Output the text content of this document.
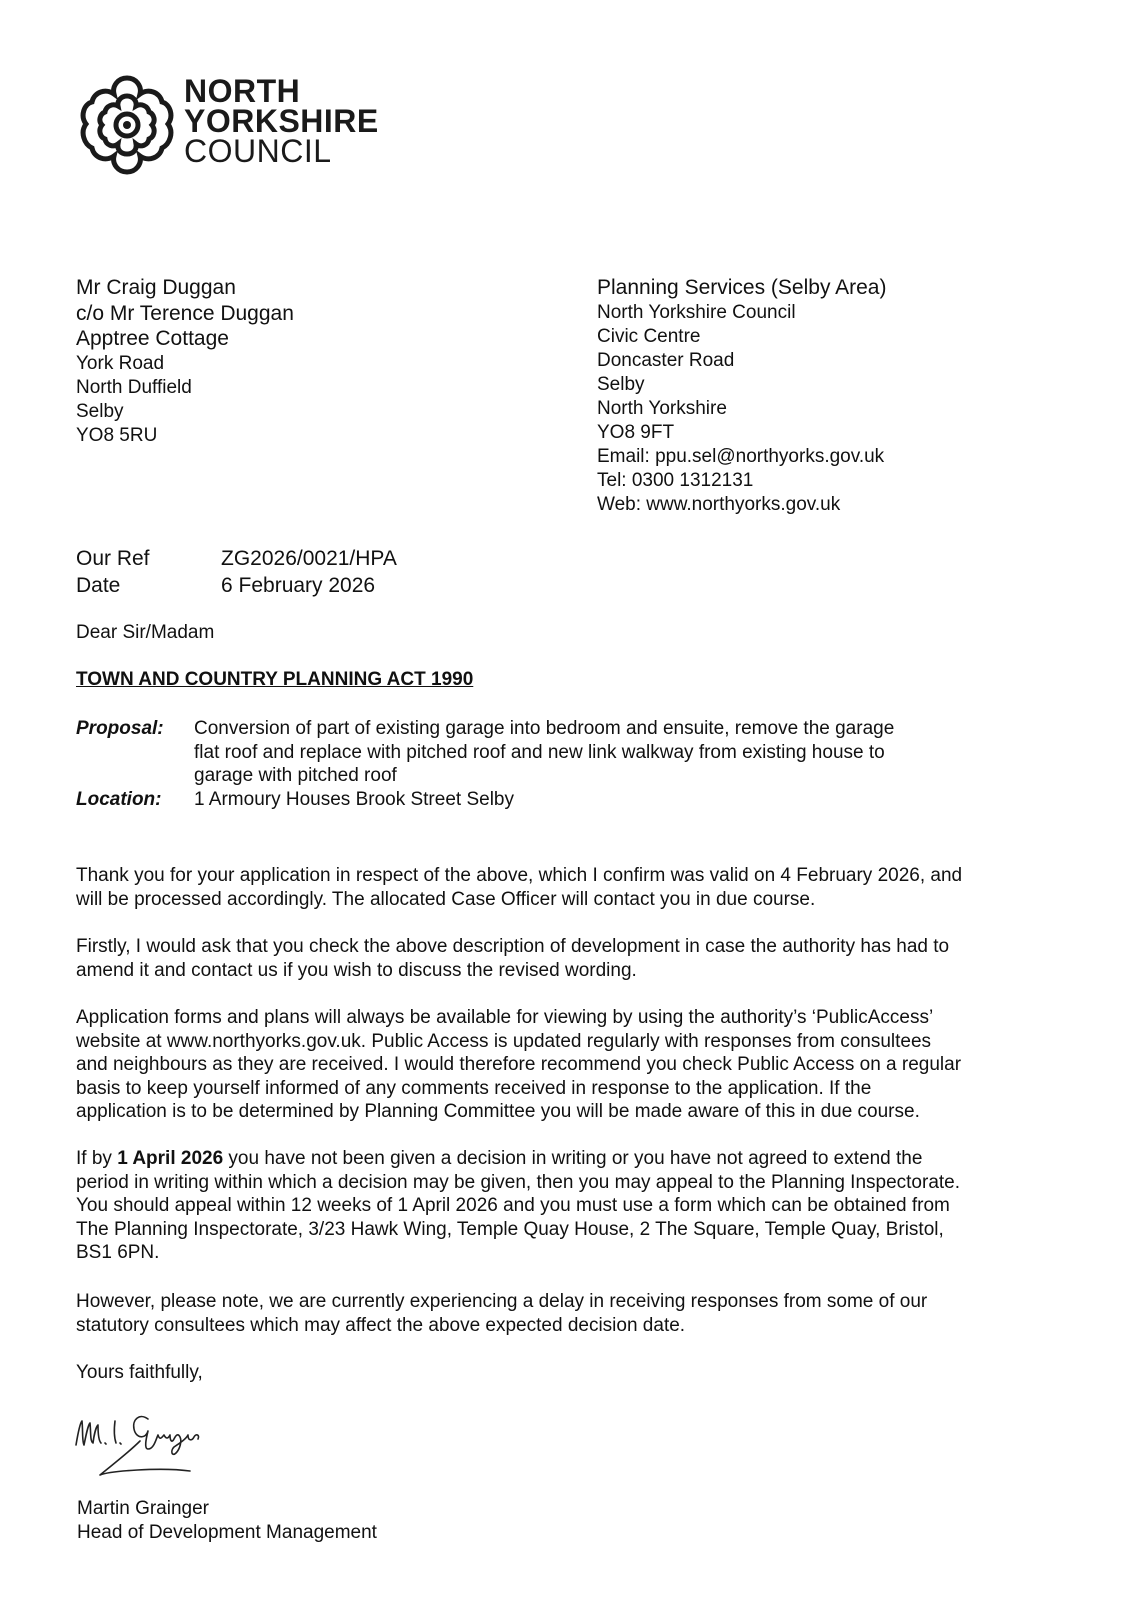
NORTH
YORKSHIRE
COUNCIL
Mr Craig Duggan
c/o Mr Terence Duggan
Apptree Cottage
York Road
North Duffield
Selby
YO8 5RU
Planning Services (Selby Area)
North Yorkshire Council
Civic Centre
Doncaster Road
Selby
North Yorkshire
YO8 9FT
Email: ppu.sel@northyorks.gov.uk
Tel: 0300 1312131
Web: www.northyorks.gov.uk
Our Ref	ZG2026/0021/HPA
Date	6 February 2026
Dear Sir/Madam
TOWN AND COUNTRY PLANNING ACT 1990
Proposal:	Conversion of part of existing garage into bedroom and ensuite, remove the garage
flat roof and replace with pitched roof and new link walkway from existing house to
garage with pitched roof
Location:	1 Armoury Houses Brook Street Selby
Thank you for your application in respect of the above, which I confirm was valid on 4 February 2026, and
will be processed accordingly. The allocated Case Officer will contact you in due course.
Firstly, I would ask that you check the above description of development in case the authority has had to
amend it and contact us if you wish to discuss the revised wording.
Application forms and plans will always be available for viewing by using the authority’s ‘PublicAccess’
website at www.northyorks.gov.uk. Public Access is updated regularly with responses from consultees
and neighbours as they are received. I would therefore recommend you check Public Access on a regular
basis to keep yourself informed of any comments received in response to the application. If the
application is to be determined by Planning Committee you will be made aware of this in due course.
If by 1 April 2026 you have not been given a decision in writing or you have not agreed to extend the
period in writing within which a decision may be given, then you may appeal to the Planning Inspectorate.
You should appeal within 12 weeks of 1 April 2026 and you must use a form which can be obtained from
The Planning Inspectorate, 3/23 Hawk Wing, Temple Quay House, 2 The Square, Temple Quay, Bristol,
BS1 6PN.
However, please note, we are currently experiencing a delay in receiving responses from some of our
statutory consultees which may affect the above expected decision date.
Yours faithfully,
Martin Grainger
Head of Development Management
